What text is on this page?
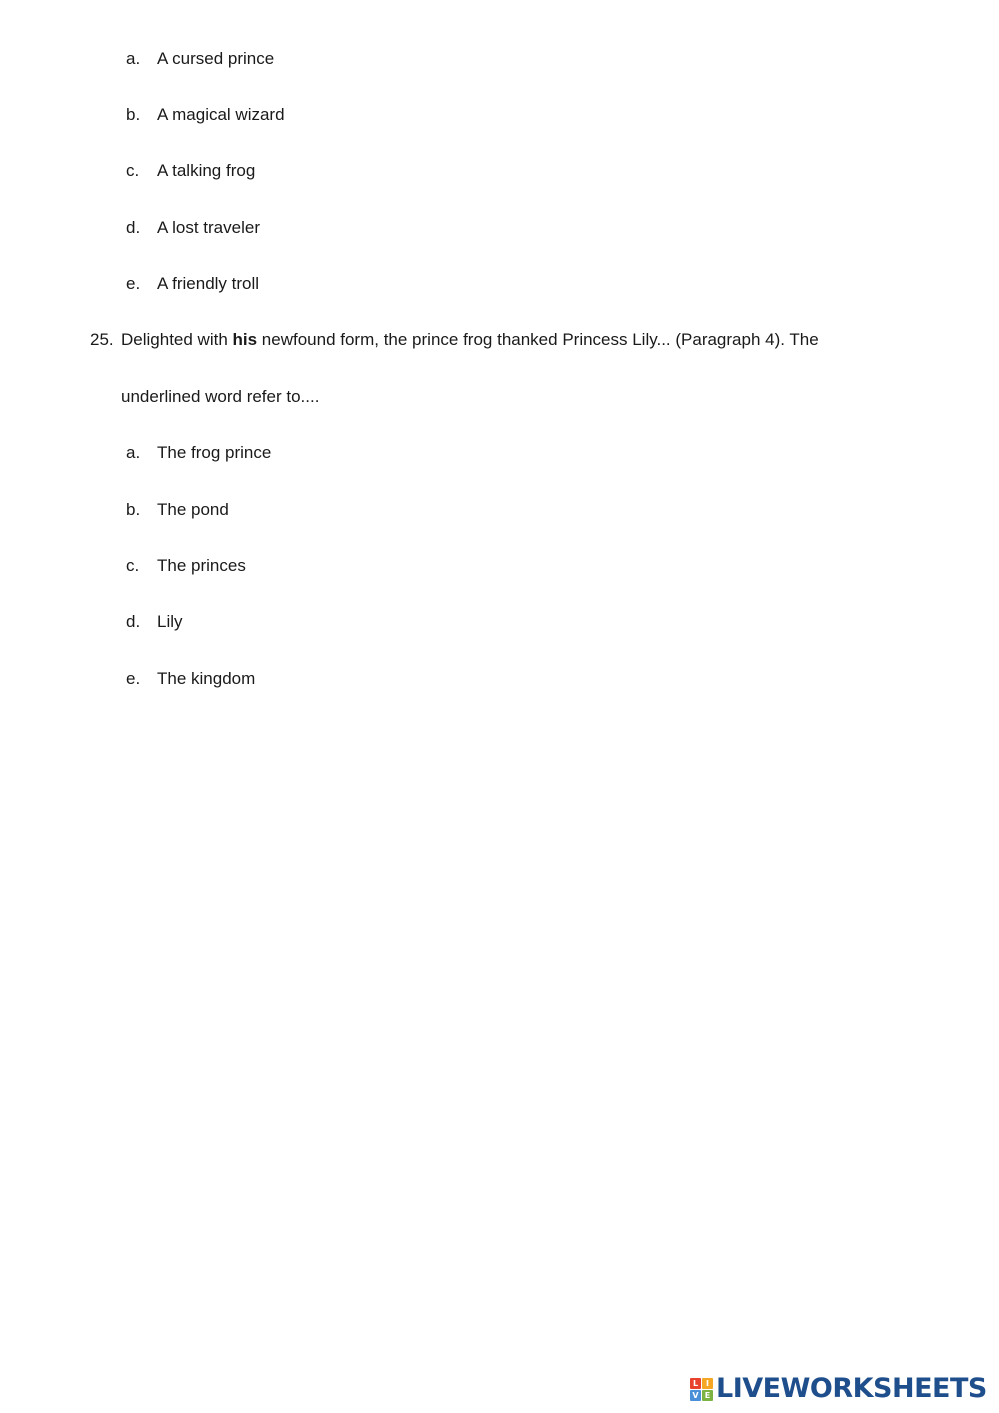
a. A cursed prince
b. A magical wizard
c. A talking frog
d. A lost traveler
e. A friendly troll
25. Delighted with his newfound form, the prince frog thanked Princess Lily... (Paragraph 4). The
underlined word refer to....
a. The frog prince
b. The pond
c. The princes
d. Lily
e. The kingdom
L I
V E LIVEWORKSHEETS
